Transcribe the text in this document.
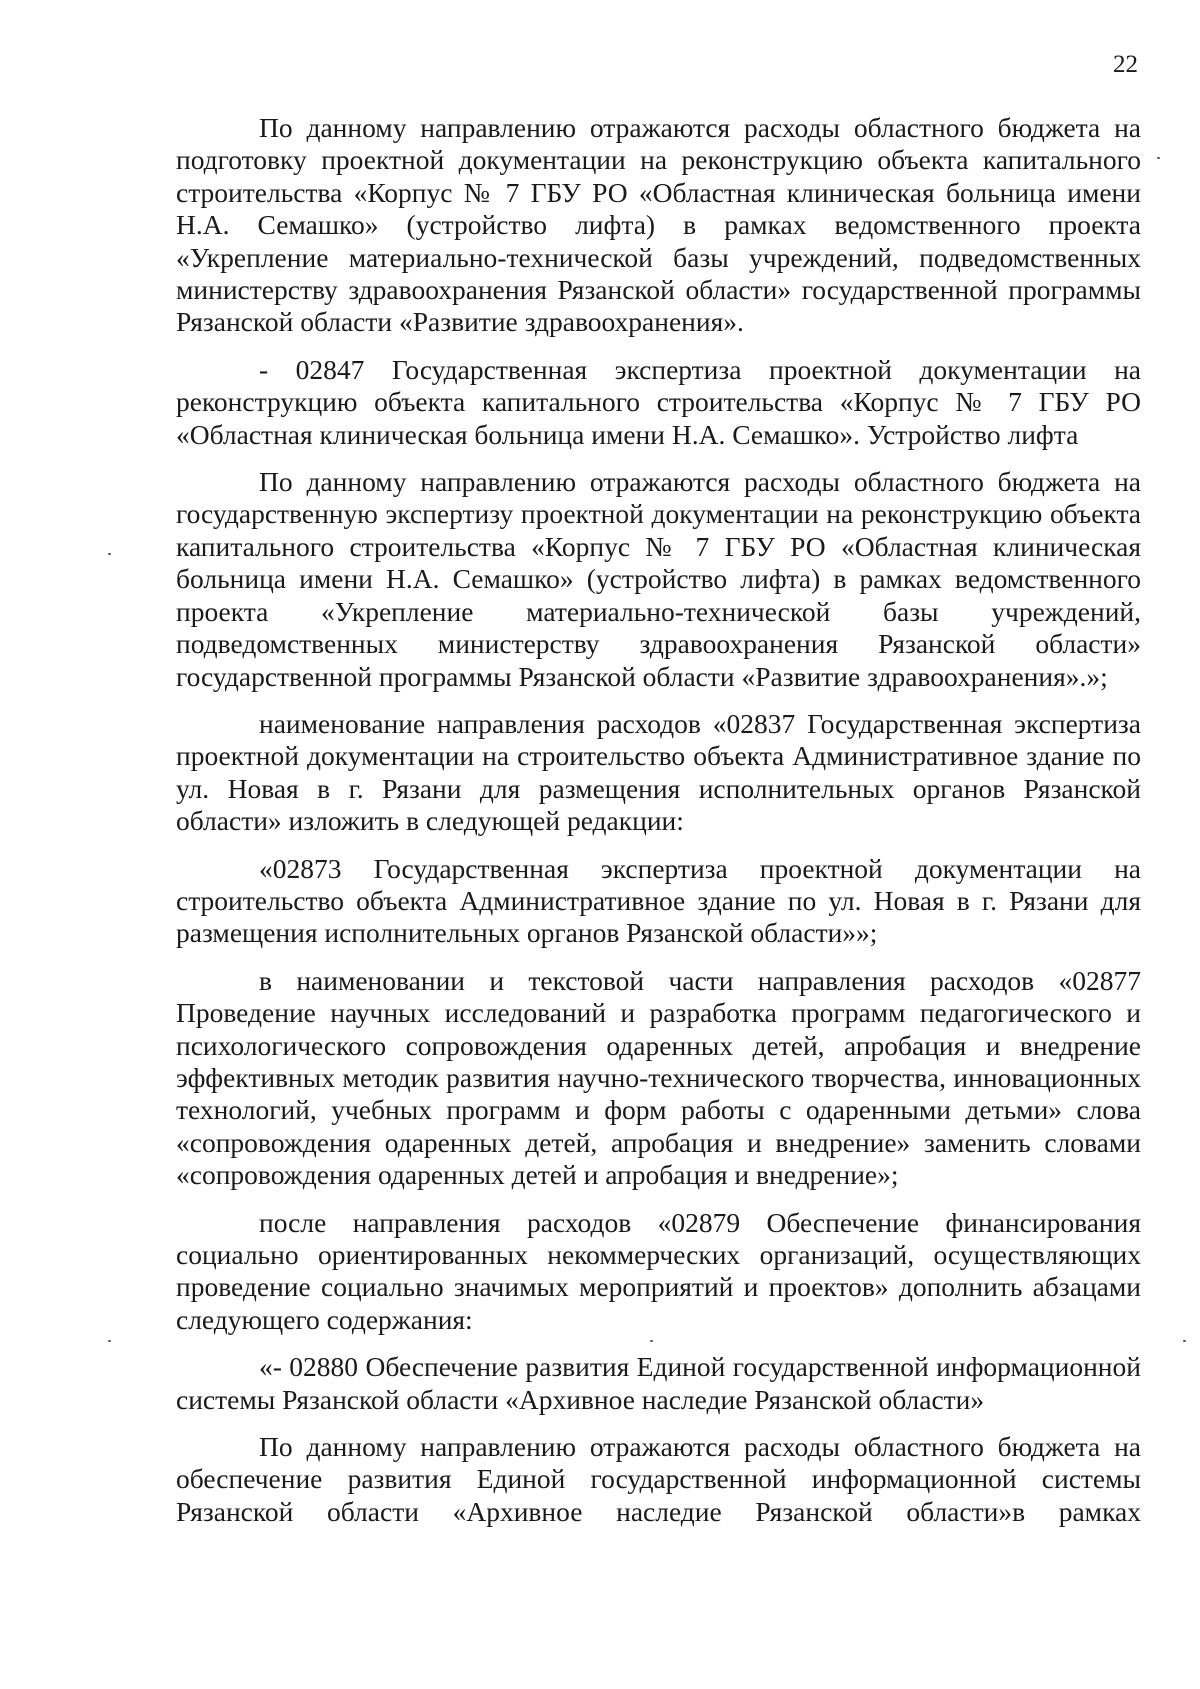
22

По данному направлению отражаются расходы областного бюджета на подготовку проектной документации на реконструкцию объекта капитального строительства «Корпус № 7 ГБУ РО «Областная клиническая больница имени Н.А. Семашко» (устройство лифта) в рамках ведомственного проекта «Укрепление материально-технической базы учреждений, подведомственных министерству здравоохранения Рязанской области» государственной программы Рязанской области «Развитие здравоохранения».

- 02847 Государственная экспертиза проектной документации на реконструкцию объекта капитального строительства «Корпус № 7 ГБУ РО «Областная клиническая больница имени Н.А. Семашко». Устройство лифта

По данному направлению отражаются расходы областного бюджета на государственную экспертизу проектной документации на реконструкцию объекта капитального строительства «Корпус № 7 ГБУ РО «Областная клиническая больница имени Н.А. Семашко» (устройство лифта) в рамках ведомственного проекта «Укрепление материально-технической базы учреждений, подведомственных министерству здравоохранения Рязанской области» государственной программы Рязанской области «Развитие здравоохранения».»;

наименование направления расходов «02837 Государственная экспертиза проектной документации на строительство объекта Административное здание по ул. Новая в г. Рязани для размещения исполнительных органов Рязанской области» изложить в следующей редакции:

«02873 Государственная экспертиза проектной документации на строительство объекта Административное здание по ул. Новая в г. Рязани для размещения исполнительных органов Рязанской области»»;

в наименовании и текстовой части направления расходов «02877 Проведение научных исследований и разработка программ педагогического и психологического сопровождения одаренных детей, апробация и внедрение эффективных методик развития научно-технического творчества, инновационных технологий, учебных программ и форм работы с одаренными детьми» слова «сопровождения одаренных детей, апробация и внедрение» заменить словами «сопровождения одаренных детей и апробация и внедрение»;

после направления расходов «02879 Обеспечение финансирования социально ориентированных некоммерческих организаций, осуществляющих проведение социально значимых мероприятий и проектов» дополнить абзацами следующего содержания:

«- 02880 Обеспечение развития Единой государственной информационной системы Рязанской области «Архивное наследие Рязанской области»

По данному направлению отражаются расходы областного бюджета на обеспечение развития Единой государственной информационной системы Рязанской области «Архивное наследие Рязанской области»в рамках
